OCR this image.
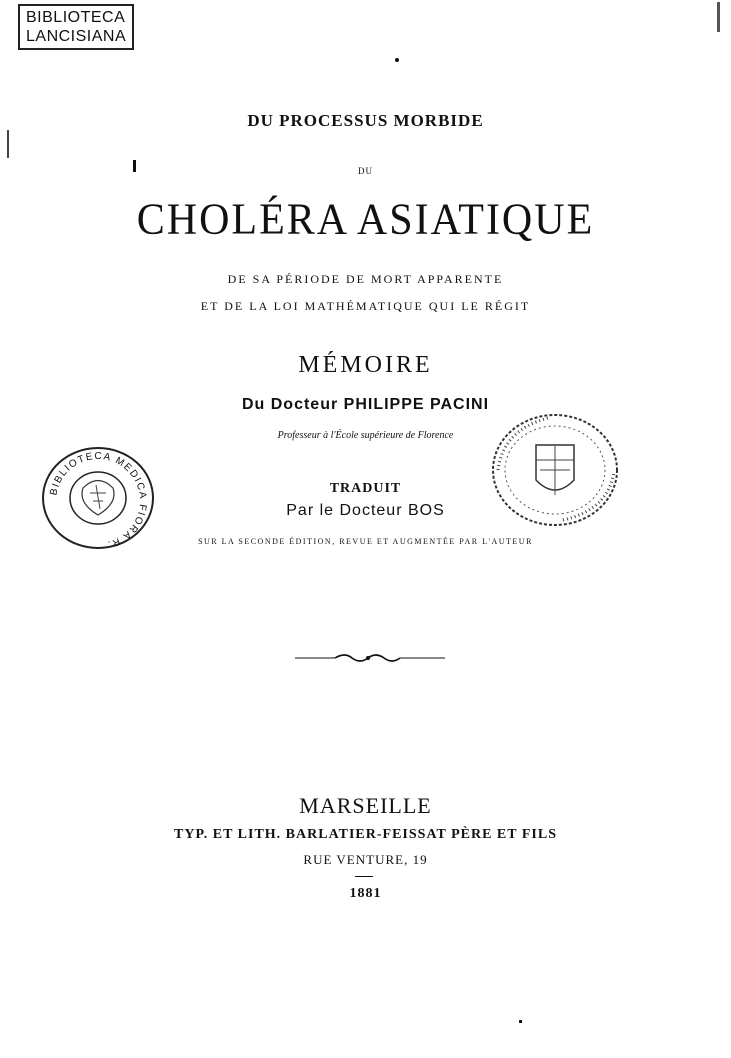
BIBLIOTECA
LANCISIANA
DU PROCESSUS MORBIDE
DU
CHOLÉRA ASIATIQUE
DE SA PÉRIODE DE MORT APPARENTE
ET DE LA LOI MATHÉMATIQUE QUI LE RÉGIT
MÉMOIRE
Du Docteur PHILIPPE PACINI
Professeur à l'École supérieure de Florence
TRADUIT
Par le Docteur BOS
SUR LA SECONDE ÉDITION, REVUE ET AUGMENTÉE PAR L'AUTEUR
BIBLIOTECA MEDICA FIORA R.
MARSEILLE
TYP. ET LITH. BARLATIER-FEISSAT PÈRE ET FILS
RUE VENTURE, 19
1881
